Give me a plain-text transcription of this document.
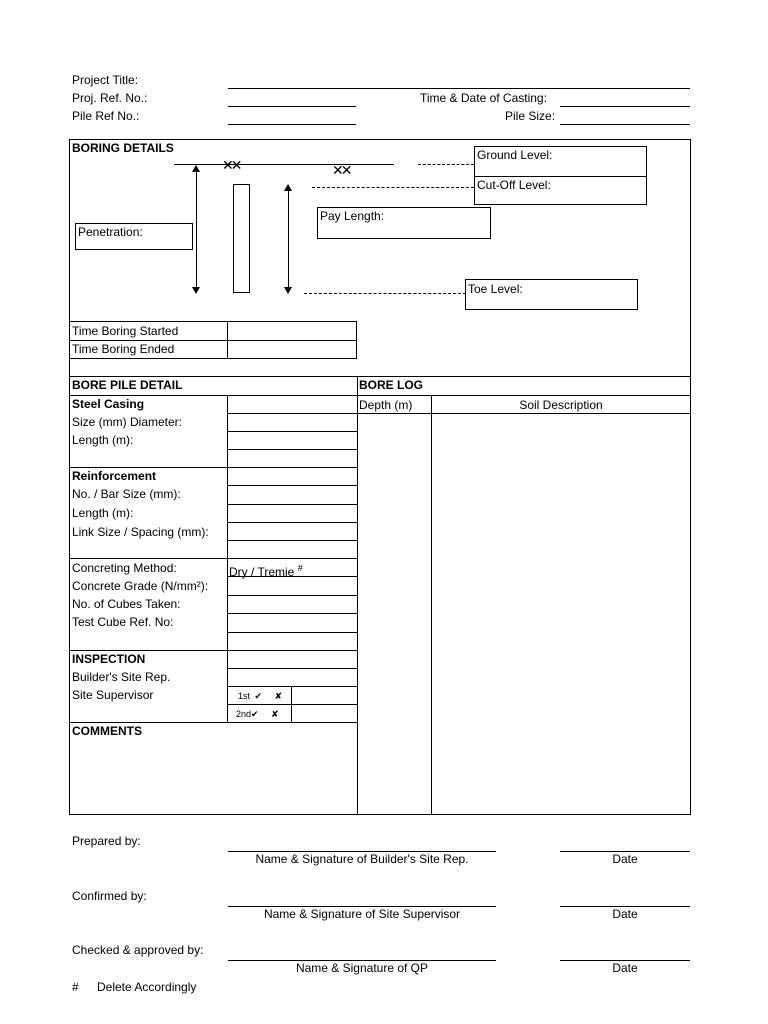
Project Title:
Proj. Ref. No.:	Time & Date of Casting:
Pile Ref No.:	Pile Size:
BORING DETAILS
✕✕	✕✕
Ground Level:
Cut-Off Level:
Penetration:
Pay Length:
Toe Level:
Time Boring Started
Time Boring Ended
BORE PILE DETAIL	BORE LOG
Depth (m)	Soil Description
Steel Casing
Size (mm) Diameter:
Length (m):
Reinforcement
No. / Bar Size (mm):
Length (m):
Link Size / Spacing (mm):
Concreting Method:	Dry / Tremie #
Concrete Grade (N/mm²):
No. of Cubes Taken:
Test Cube Ref. No:
INSPECTION
Builder's Site Rep.
Site Supervisor	1st ✔ ✘
2nd✔ ✘
COMMENTS
Prepared by:
Name & Signature of Builder's Site Rep.	Date
Confirmed by:
Name & Signature of Site Supervisor	Date
Checked & approved by:
Name & Signature of QP	Date
# Delete Accordingly
